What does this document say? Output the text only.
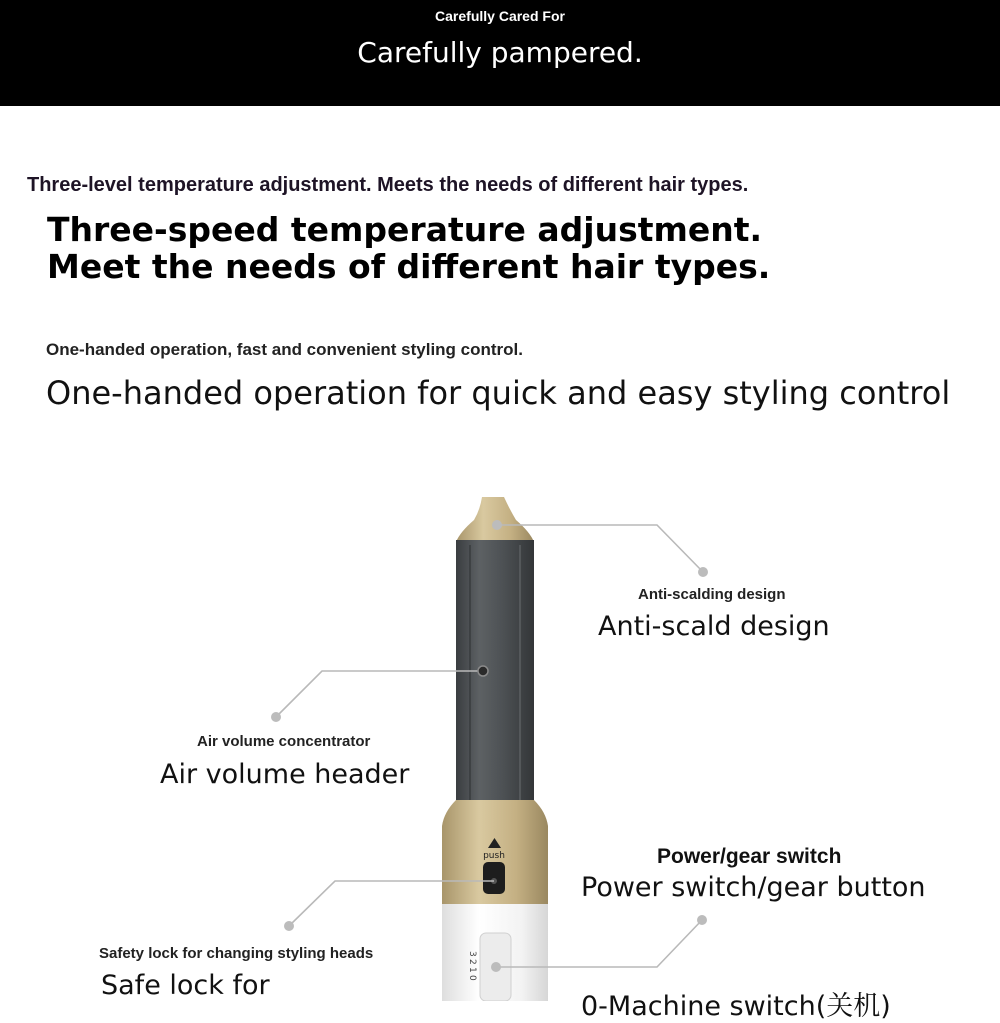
Carefully Cared For
Carefully pampered.
Three-level temperature adjustment. Meets the needs of different hair types.
Three-speed temperature adjustment.
Meet the needs of different hair types.
One-handed operation, fast and convenient styling control.
One-handed operation for quick and easy styling control
push
3
2
1
0
Anti-scalding design
Anti-scald design
Air volume concentrator
Air volume header
Power/gear switch
Power switch/gear button
Safety lock for changing styling heads
Safe lock for
0-Machine switch(关机)
